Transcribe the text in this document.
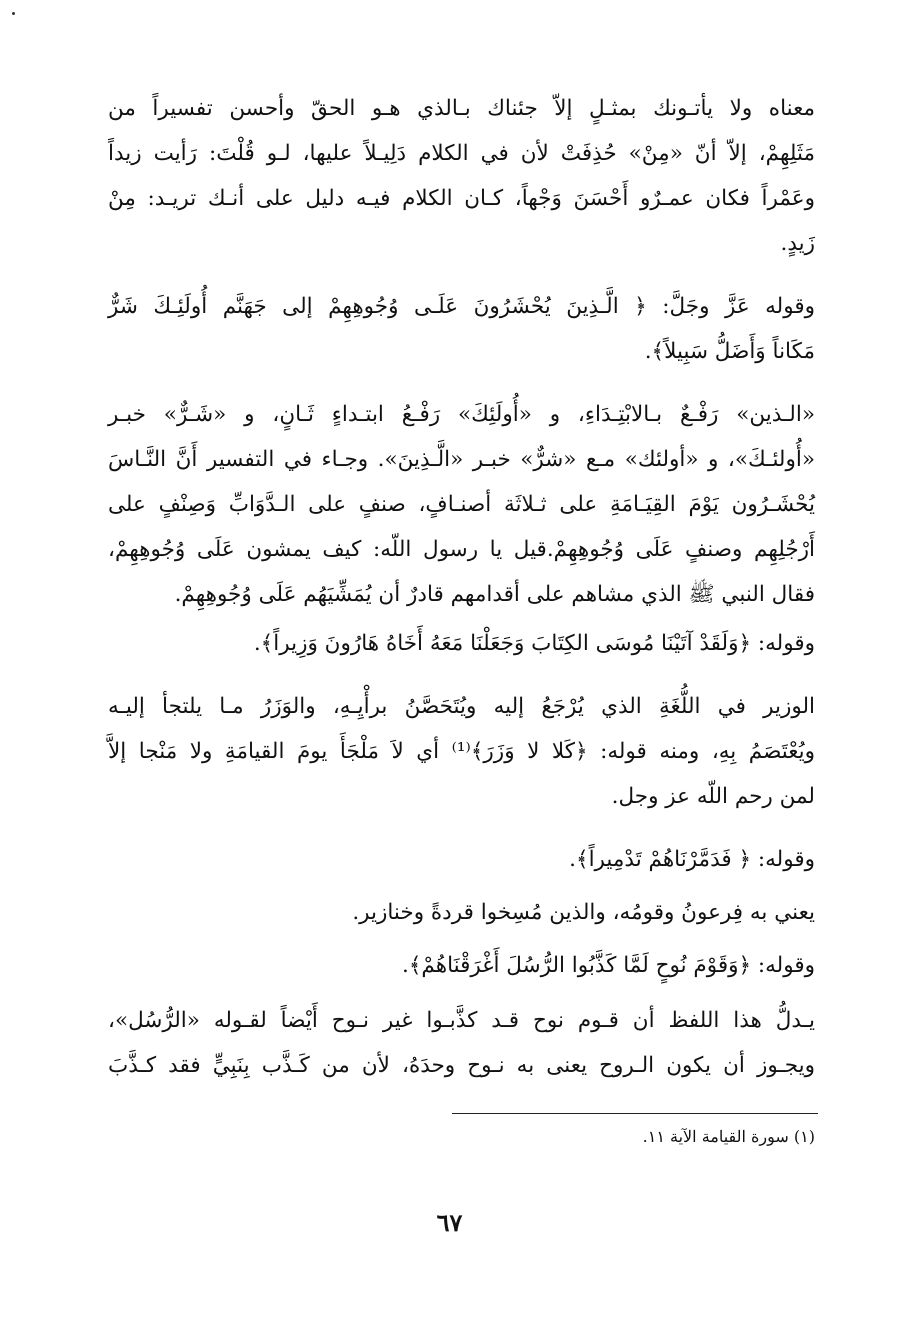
معناه ولا يأتـونك بمثـلٍ إلاّ جئناك بـالذي هـو الحقّ وأحسن تفسيراً من
مَثَلِهِمْ، إلاّ أنّ «مِنْ» حُذِفَتْ لأن في الكلام دَلِيـلاً عليها، لـو قُلْتَ: رَأيت زيداً
وعَمْراً فكان عمـرٌو أَحْسَنَ وَجْهاً، كـان الكلام فيـه دليل على أنـك تريـد: مِنْ
زَيدٍ.
وقوله عَزَّ وجَلَّ: ﴿ الَّـذِينَ يُحْشَرُونَ عَلَـى وُجُوهِهِمْ إلى جَهَنَّم أُولَئِـكَ شَرٌّ
مَكَاناً وَأَضَلُّ سَبِيلاً﴾.
«الـذين» رَفْـعٌ بـالابْتِـدَاءِ، و «أُولَئِكَ» رَفْـعُ ابتـداءٍ ثَـانٍ، و «شَـرٌّ» خبـر
«أُولئـكَ»، و «أولئك» مـع «شرٌّ» خبـر «الَّـذِينَ». وجـاء في التفسير أَنَّ النَّـاسَ
يُحْشَـرُون يَوْمَ القِيَـامَةِ على ثـلاثَة أصنـافٍ، صنفٍ على الـدَّوَابِّ وَصِنْفٍ على
أَرْجُلِهِم وصنفٍ عَلَى وُجُوهِهِمْ.قيل يا رسول اللّه: كيف يمشون عَلَى وُجُوهِهِمْ،
فقال النبي ﷺ الذي مشاهم على أقدامهم قادرٌ أن يُمَشِّيَهُم عَلَى وُجُوهِهِمْ.
وقوله: ﴿وَلَقَدْ آتَيْنَا مُوسَى الكِتَابَ وَجَعَلْنَا مَعَهُ أَخَاهُ هَارُونَ وَزِيراً﴾.
الوزير في اللُّغَةِ الذي يُرْجَعُ إليه ويُتَحَصَّنُ برأْيِـهِ، والوَزَرُ مـا يلتجأ إليـه
ويُعْتَصَمُ بِهِ، ومنه قوله: ﴿كَلا لا وَزَرَ﴾⁽¹⁾ أي لاَ مَلْجَأَ يومَ القيامَةِ ولا مَنْجا إلاَّ
لمن رحم اللّه عز وجل.
وقوله: ﴿ فَدَمَّرْنَاهُمْ تَدْمِيراً﴾.
يعني به فِرعونُ وقومُه، والذين مُسِخوا قردةً وخنازير.
وقوله: ﴿وَقَوْمَ نُوحٍ لَمَّا كَذَّبُوا الرُّسُلَ أَغْرَقْنَاهُمْ﴾.
يـدلُّ هذا اللفظ أن قـوم نوح قـد كذَّبـوا غير نـوح أَيْضاً لقـوله «الرُّسُل»،
ويجـوز أن يكون الـروح يعنى به نـوح وحدَهُ، لأن من كَـذَّب بِنَبِيٍّ فقد كـذَّبَ
(١) سورة القيامة الآية ١١.
٦٧
